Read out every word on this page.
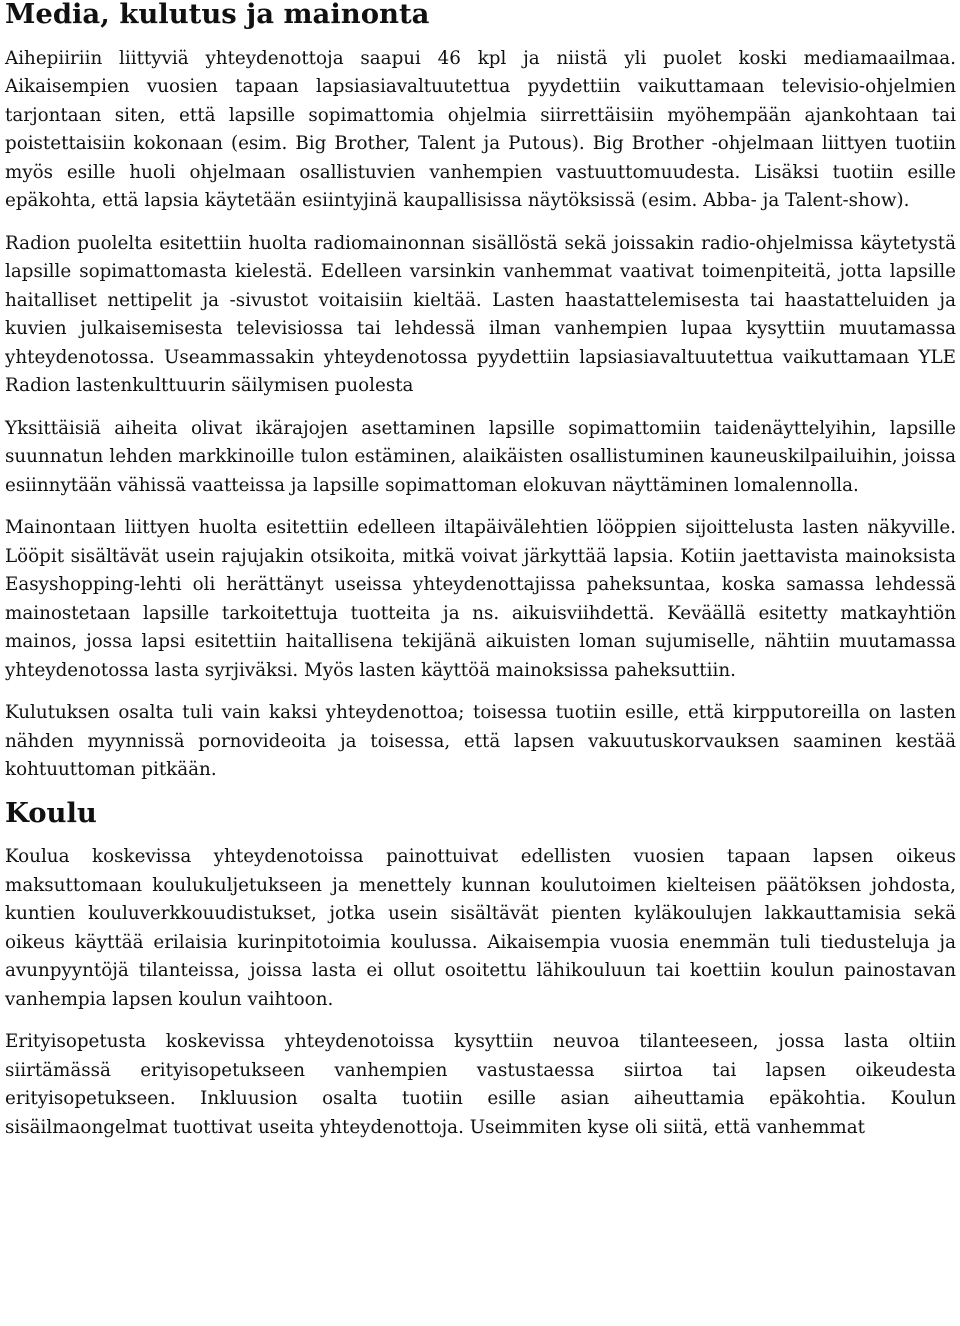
Media, kulutus ja mainonta

Aihepiiriin liittyviä yhteydenottoja saapui 46 kpl ja niistä yli puolet koski mediamaailmaa. Aikaisempien vuosien tapaan lapsiasiavaltuutettua pyydettiin vaikuttamaan televisio-ohjelmien tarjontaan siten, että lapsille sopimattomia ohjelmia siirrettäisiin myöhempään ajankohtaan tai poistettaisiin kokonaan (esim. Big Brother, Talent ja Putous). Big Brother -ohjelmaan liittyen tuotiin myös esille huoli ohjelmaan osallistuvien vanhempien vastuuttomuudesta. Lisäksi tuotiin esille epäkohta, että lapsia käytetään esiintyjinä kaupallisissa näytöksissä (esim. Abba- ja Talent-show).

Radion puolelta esitettiin huolta radiomainonnan sisällöstä sekä joissakin radio-ohjelmissa käytetystä lapsille sopimattomasta kielestä. Edelleen varsinkin vanhemmat vaativat toimenpiteitä, jotta lapsille haitalliset nettipelit ja -sivustot voitaisiin kieltää. Lasten haastattelemisesta tai haastatteluiden ja kuvien julkaisemisesta televisiossa tai lehdessä ilman vanhempien lupaa kysyttiin muutamassa yhteydenotossa. Useammassakin yhteydenotossa pyydettiin lapsiasiavaltuutettua vaikuttamaan YLE Radion lastenkulttuurin säilymisen puolesta

Yksittäisiä aiheita olivat ikärajojen asettaminen lapsille sopimattomiin taidenäyttelyihin, lapsille suunnatun lehden markkinoille tulon estäminen, alaikäisten osallistuminen kauneuskilpailuihin, joissa esiinnytään vähissä vaatteissa ja lapsille sopimattoman elokuvan näyttäminen lomalennolla.

Mainontaan liittyen huolta esitettiin edelleen iltapäivälehtien lööppien sijoittelusta lasten näkyville. Lööpit sisältävät usein rajujakin otsikoita, mitkä voivat järkyttää lapsia. Kotiin jaettavista mainoksista Easyshopping-lehti oli herättänyt useissa yhteydenottajissa paheksuntaa, koska samassa lehdessä mainostetaan lapsille tarkoitettuja tuotteita ja ns. aikuisviihdettä. Keväällä esitetty matkayhtiön mainos, jossa lapsi esitettiin haitallisena tekijänä aikuisten loman sujumiselle, nähtiin muutamassa yhteydenotossa lasta syrjiväksi. Myös lasten käyttöä mainoksissa paheksuttiin.

Kulutuksen osalta tuli vain kaksi yhteydenottoa; toisessa tuotiin esille, että kirpputoreilla on lasten nähden myynnissä pornovideoita ja toisessa, että lapsen vakuutuskorvauksen saaminen kestää kohtuuttoman pitkään.

Koulu

Koulua koskevissa yhteydenotoissa painottuivat edellisten vuosien tapaan lapsen oikeus maksuttomaan koulukuljetukseen ja menettely kunnan koulutoimen kielteisen päätöksen johdosta, kuntien kouluverkkouudistukset, jotka usein sisältävät pienten kyläkoulujen lakkauttamisia sekä oikeus käyttää erilaisia kurinpitotoimia koulussa. Aikaisempia vuosia enemmän tuli tiedusteluja ja avunpyyntöjä tilanteissa, joissa lasta ei ollut osoitettu lähikouluun tai koettiin koulun painostavan vanhempia lapsen koulun vaihtoon.

Erityisopetusta koskevissa yhteydenotoissa kysyttiin neuvoa tilanteeseen, jossa lasta oltiin siirtämässä erityisopetukseen vanhempien vastustaessa siirtoa tai lapsen oikeudesta erityisopetukseen. Inkluusion osalta tuotiin esille asian aiheuttamia epäkohtia. Koulun sisäilmaongelmat tuottivat useita yhteydenottoja. Useimmiten kyse oli siitä, että vanhemmat
